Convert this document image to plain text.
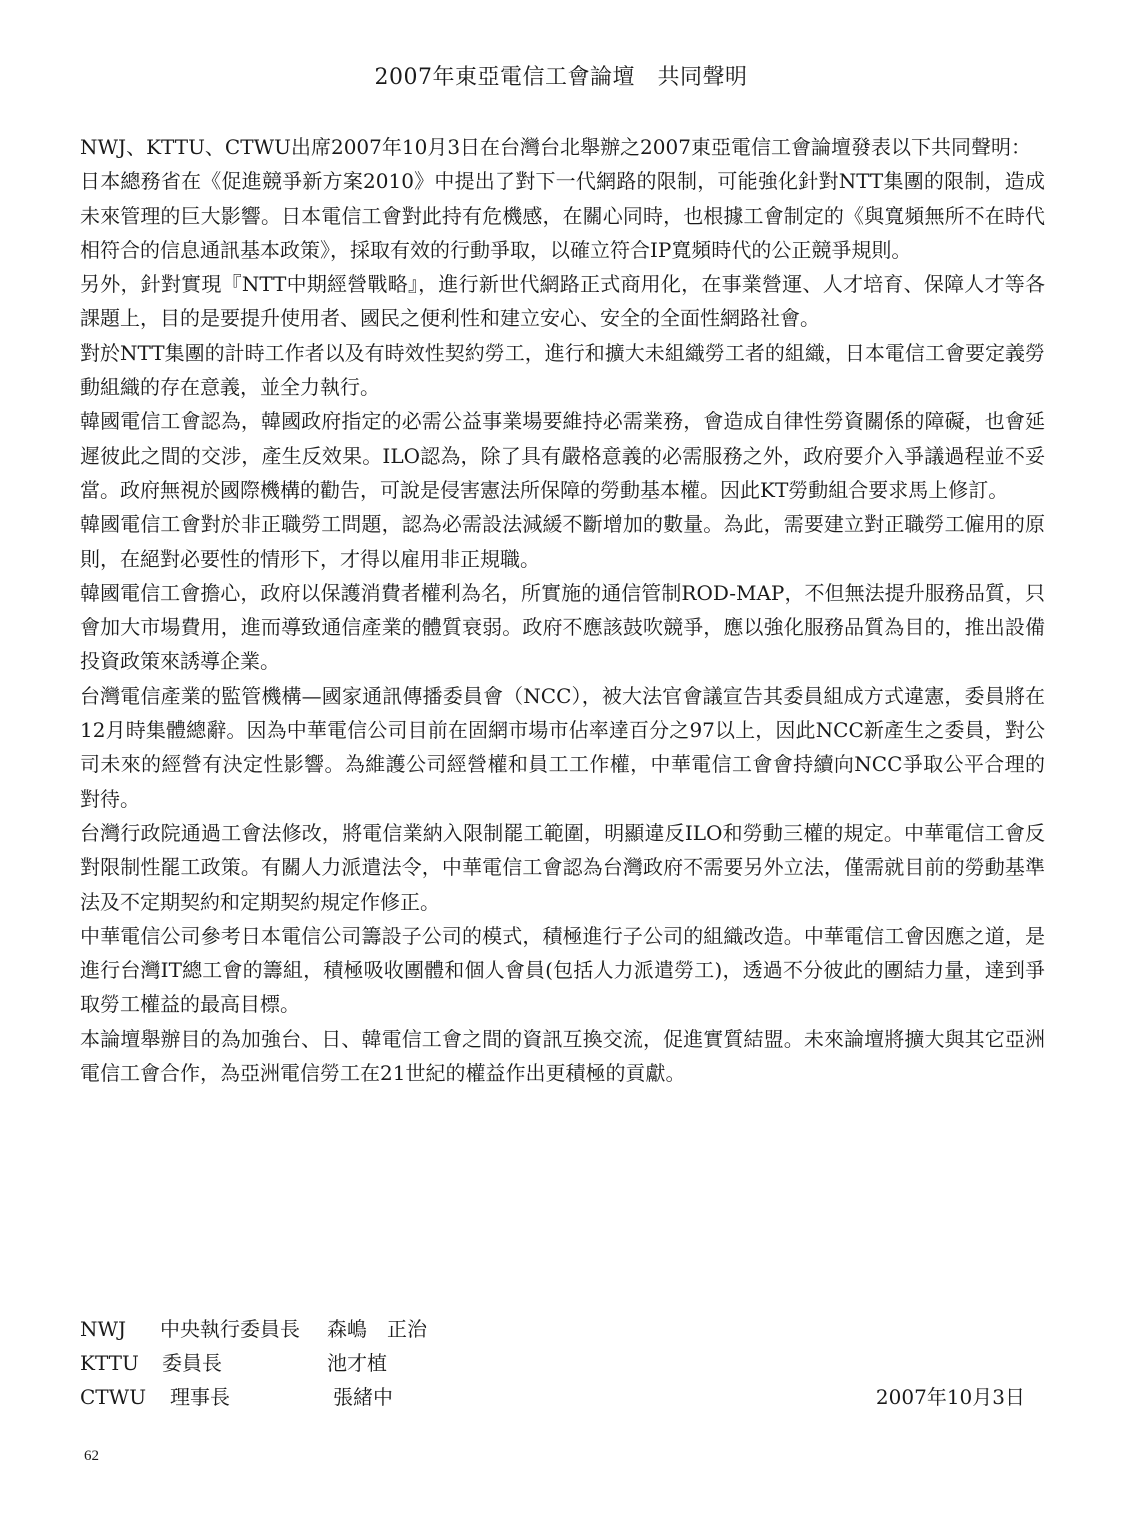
2007年東亞電信工會論壇　共同聲明

NWJ、KTTU、CTWU出席2007年10月3日在台灣台北舉辦之2007東亞電信工會論壇發表以下共同聲明：

日本總務省在《促進競爭新方案2010》中提出了對下一代網路的限制，可能強化針對NTT集團的限制，造成未來管理的巨大影響。日本電信工會對此持有危機感，在關心同時，也根據工會制定的《與寬頻無所不在時代相符合的信息通訊基本政策》，採取有效的行動爭取，以確立符合IP寬頻時代的公正競爭規則。

另外，針對實現『NTT中期經營戰略』，進行新世代網路正式商用化，在事業營運、人才培育、保障人才等各課題上，目的是要提升使用者、國民之便利性和建立安心、安全的全面性網路社會。

對於NTT集團的計時工作者以及有時效性契約勞工，進行和擴大未組織勞工者的組織，日本電信工會要定義勞動組織的存在意義，並全力執行。

韓國電信工會認為，韓國政府指定的必需公益事業場要維持必需業務，會造成自律性勞資關係的障礙，也會延遲彼此之間的交涉，產生反效果。ILO認為，除了具有嚴格意義的必需服務之外，政府要介入爭議過程並不妥當。政府無視於國際機構的勸告，可說是侵害憲法所保障的勞動基本權。因此KT勞動組合要求馬上修訂。

韓國電信工會對於非正職勞工問題，認為必需設法減緩不斷增加的數量。為此，需要建立對正職勞工僱用的原則，在絕對必要性的情形下，才得以雇用非正規職。

韓國電信工會擔心，政府以保護消費者權利為名，所實施的通信管制ROD-MAP，不但無法提升服務品質，只會加大市場費用，進而導致通信產業的體質衰弱。政府不應該鼓吹競爭，應以強化服務品質為目的，推出設備投資政策來誘導企業。

台灣電信產業的監管機構—國家通訊傳播委員會（NCC），被大法官會議宣告其委員組成方式違憲，委員將在12月時集體總辭。因為中華電信公司目前在固網市場市佔率達百分之97以上，因此NCC新產生之委員，對公司未來的經營有決定性影響。為維護公司經營權和員工工作權，中華電信工會會持續向NCC爭取公平合理的對待。

台灣行政院通過工會法修改，將電信業納入限制罷工範圍，明顯違反ILO和勞動三權的規定。中華電信工會反對限制性罷工政策。有關人力派遣法令，中華電信工會認為台灣政府不需要另外立法，僅需就目前的勞動基準法及不定期契約和定期契約規定作修正。

中華電信公司參考日本電信公司籌設子公司的模式，積極進行子公司的組織改造。中華電信工會因應之道，是進行台灣IT總工會的籌組，積極吸收團體和個人會員(包括人力派遣勞工)，透過不分彼此的團結力量，達到爭取勞工權益的最高目標。

本論壇舉辦目的為加強台、日、韓電信工會之間的資訊互換交流，促進實質結盟。未來論壇將擴大與其它亞洲電信工會合作，為亞洲電信勞工在21世紀的權益作出更積極的貢獻。

NWJ 中央執行委員長 森嶋　正治
KTTU 委員長	池才植
CTWU 理事長	張緒中	2007年10月3日
62
